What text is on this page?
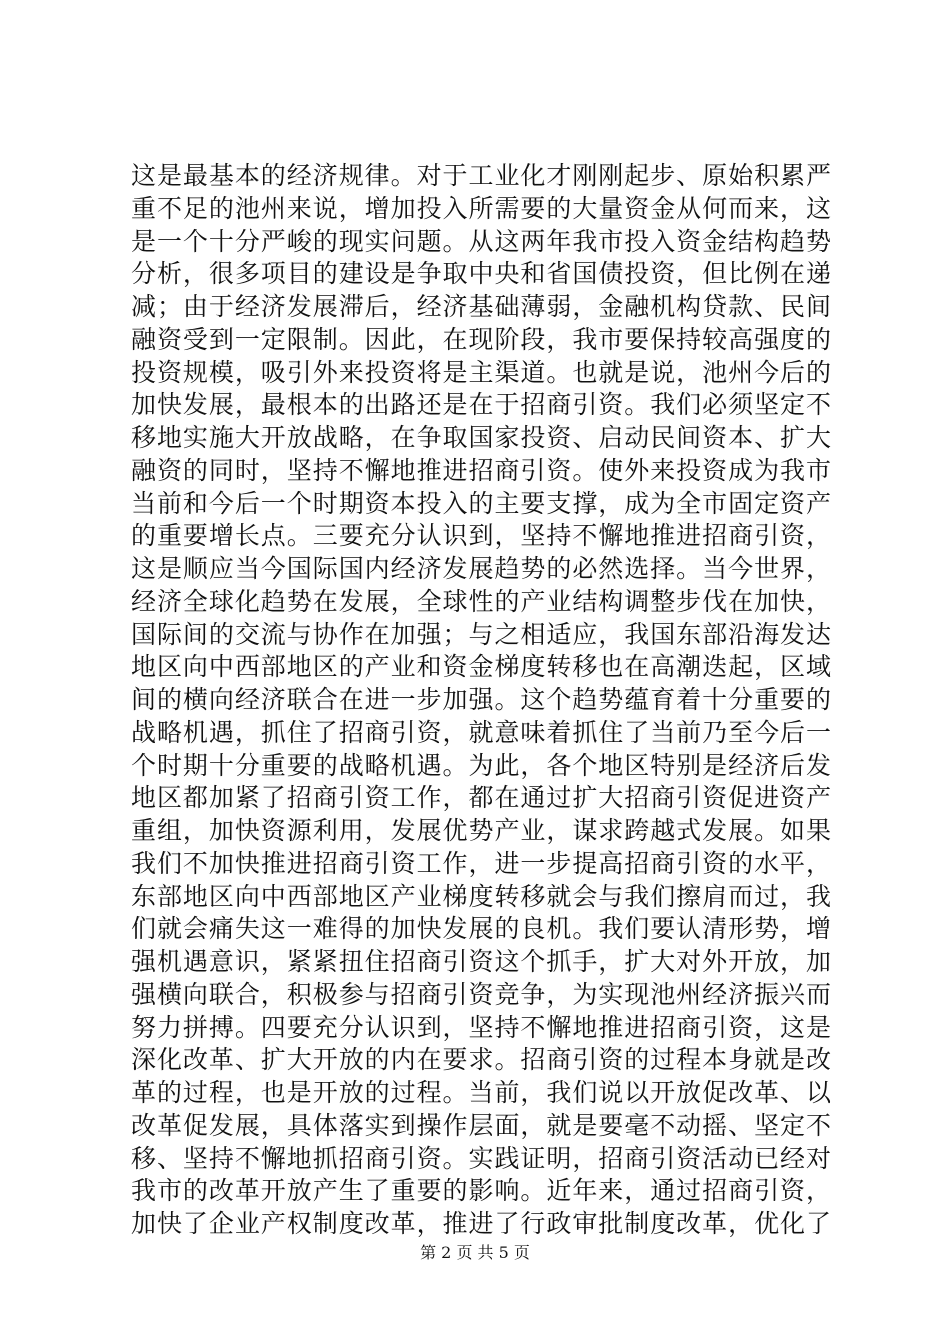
这是最基本的经济规律。对于工业化才刚刚起步、原始积累严
重不足的池州来说，增加投入所需要的大量资金从何而来，这
是一个十分严峻的现实问题。从这两年我市投入资金结构趋势
分析，很多项目的建设是争取中央和省国债投资，但比例在递
减；由于经济发展滞后，经济基础薄弱，金融机构贷款、民间
融资受到一定限制。因此，在现阶段，我市要保持较高强度的
投资规模，吸引外来投资将是主渠道。也就是说，池州今后的
加快发展，最根本的出路还是在于招商引资。我们必须坚定不
移地实施大开放战略，在争取国家投资、启动民间资本、扩大
融资的同时，坚持不懈地推进招商引资。使外来投资成为我市
当前和今后一个时期资本投入的主要支撑，成为全市固定资产
的重要增长点。三要充分认识到，坚持不懈地推进招商引资，
这是顺应当今国际国内经济发展趋势的必然选择。当今世界，
经济全球化趋势在发展，全球性的产业结构调整步伐在加快，
国际间的交流与协作在加强；与之相适应，我国东部沿海发达
地区向中西部地区的产业和资金梯度转移也在高潮迭起，区域
间的横向经济联合在进一步加强。这个趋势蕴育着十分重要的
战略机遇，抓住了招商引资，就意味着抓住了当前乃至今后一
个时期十分重要的战略机遇。为此，各个地区特别是经济后发
地区都加紧了招商引资工作，都在通过扩大招商引资促进资产
重组，加快资源利用，发展优势产业，谋求跨越式发展。如果
我们不加快推进招商引资工作，进一步提高招商引资的水平，
东部地区向中西部地区产业梯度转移就会与我们擦肩而过，我
们就会痛失这一难得的加快发展的良机。我们要认清形势，增
强机遇意识，紧紧扭住招商引资这个抓手，扩大对外开放，加
强横向联合，积极参与招商引资竞争，为实现池州经济振兴而
努力拼搏。四要充分认识到，坚持不懈地推进招商引资，这是
深化改革、扩大开放的内在要求。招商引资的过程本身就是改
革的过程，也是开放的过程。当前，我们说以开放促改革、以
改革促发展，具体落实到操作层面，就是要毫不动摇、坚定不
移、坚持不懈地抓招商引资。实践证明，招商引资活动已经对
我市的改革开放产生了重要的影响。近年来，通过招商引资，
加快了企业产权制度改革，推进了行政审批制度改革，优化了
第 2 页 共 5 页
